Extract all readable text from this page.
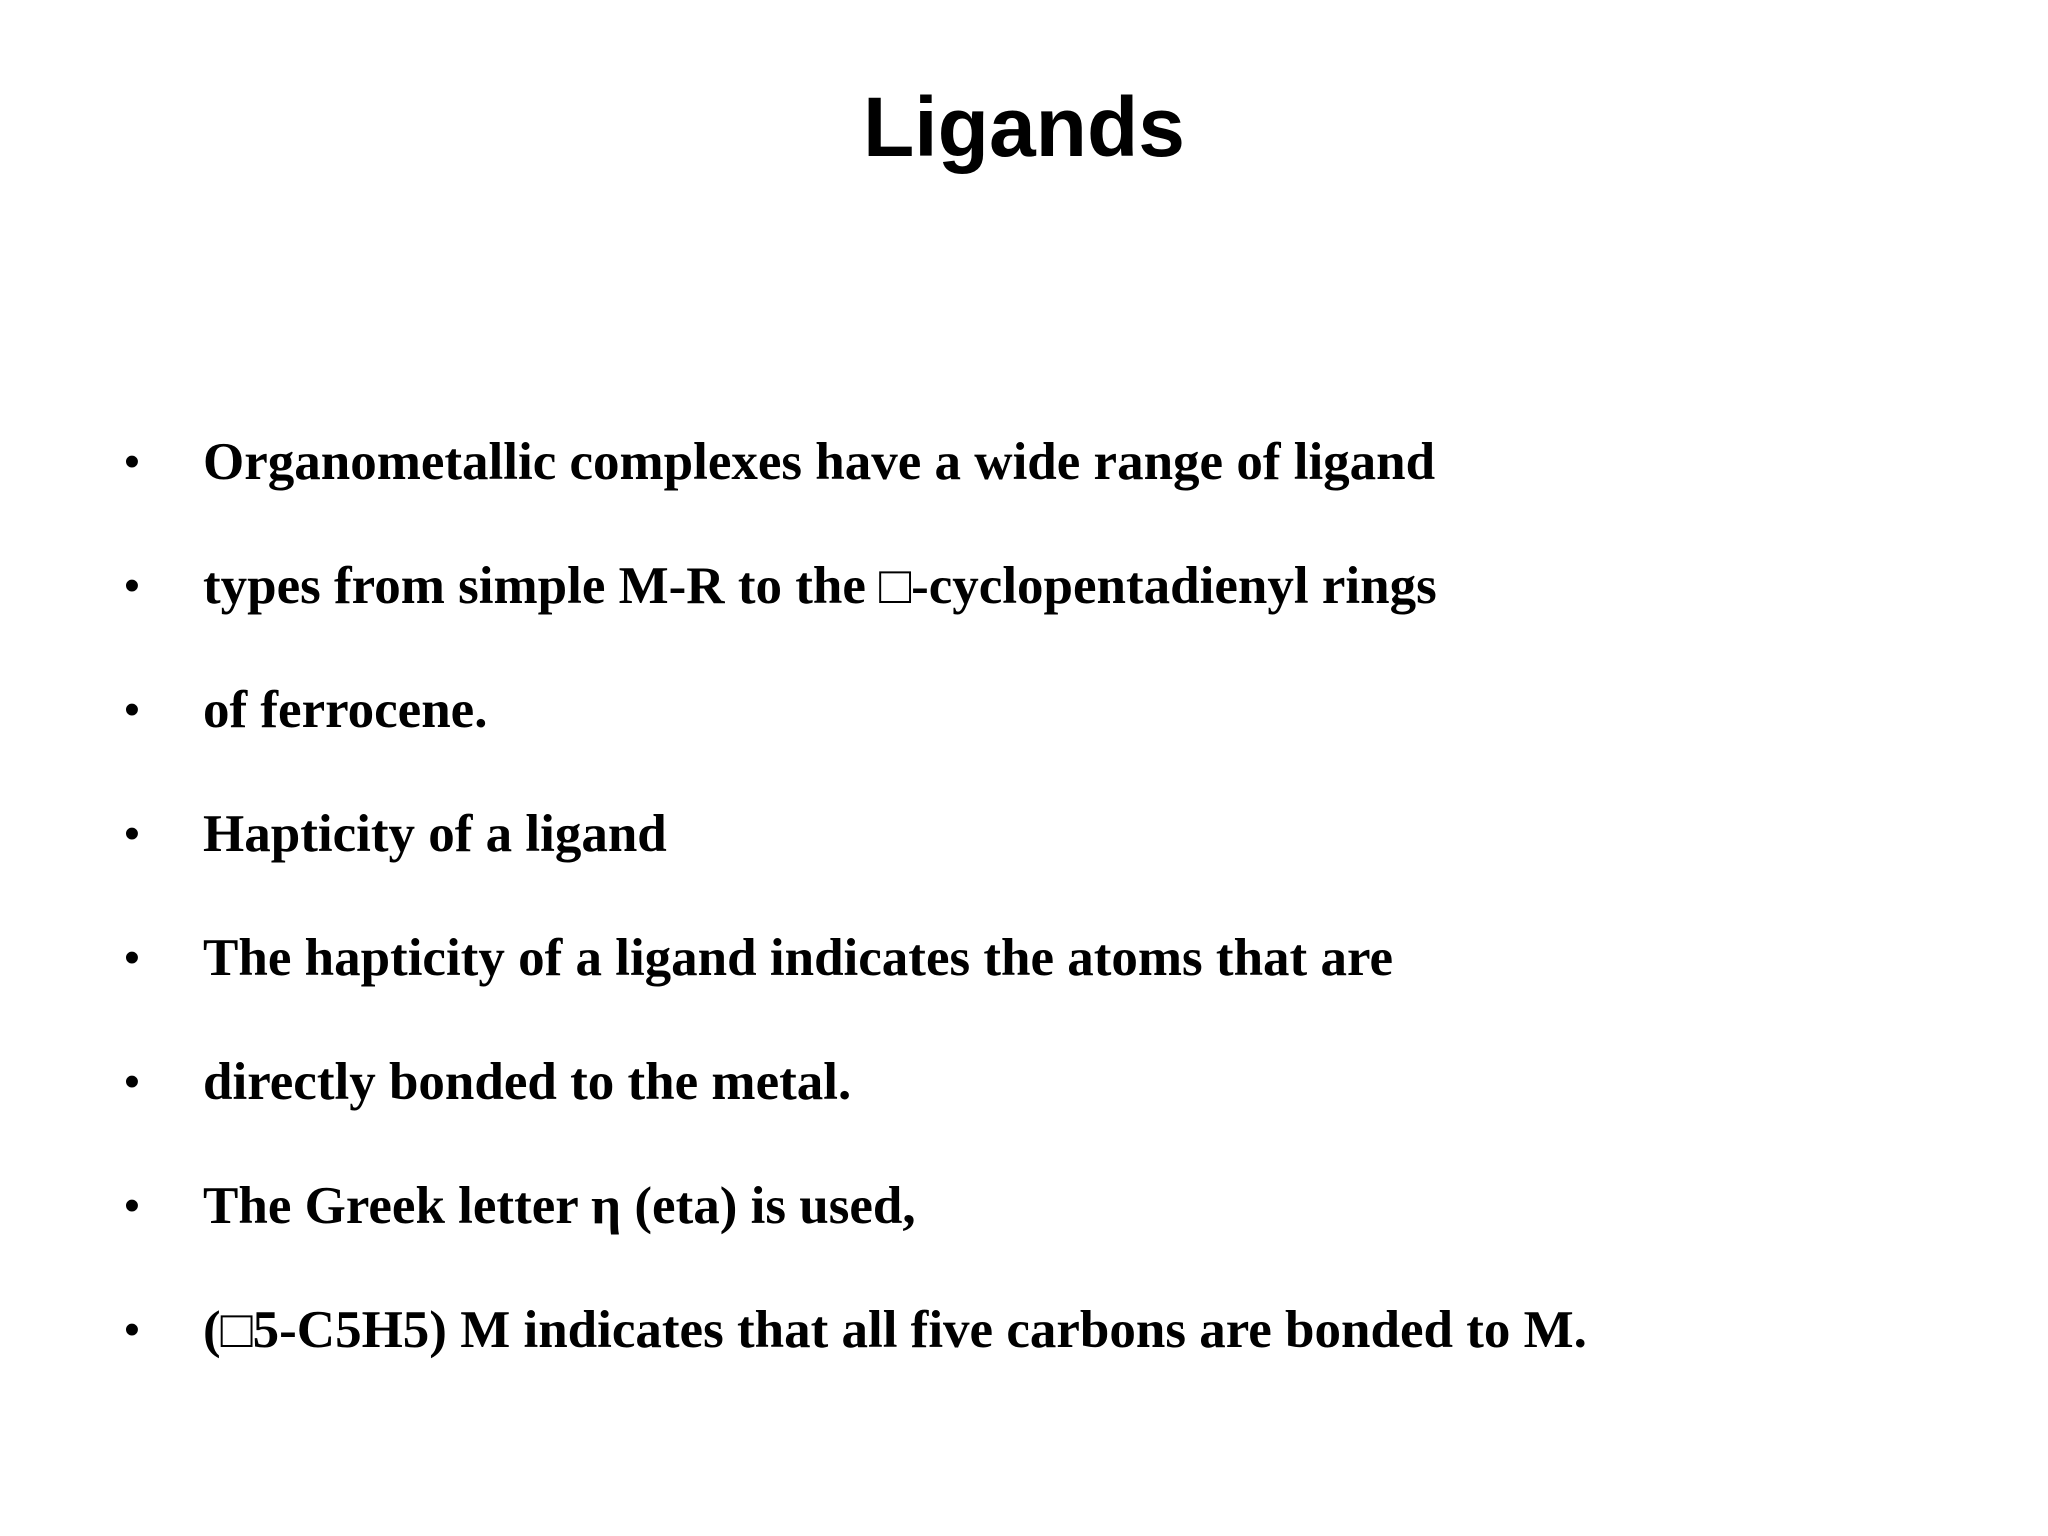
Ligands
• Organometallic complexes have a wide range of ligand
• types from simple M-R to the □-cyclopentadienyl rings
• of ferrocene.
• Hapticity of a ligand
• The hapticity of a ligand indicates the atoms that are
• directly bonded to the metal.
• The Greek letter η (eta) is used,
• (□5-C5H5) M indicates that all five carbons are bonded to M.
